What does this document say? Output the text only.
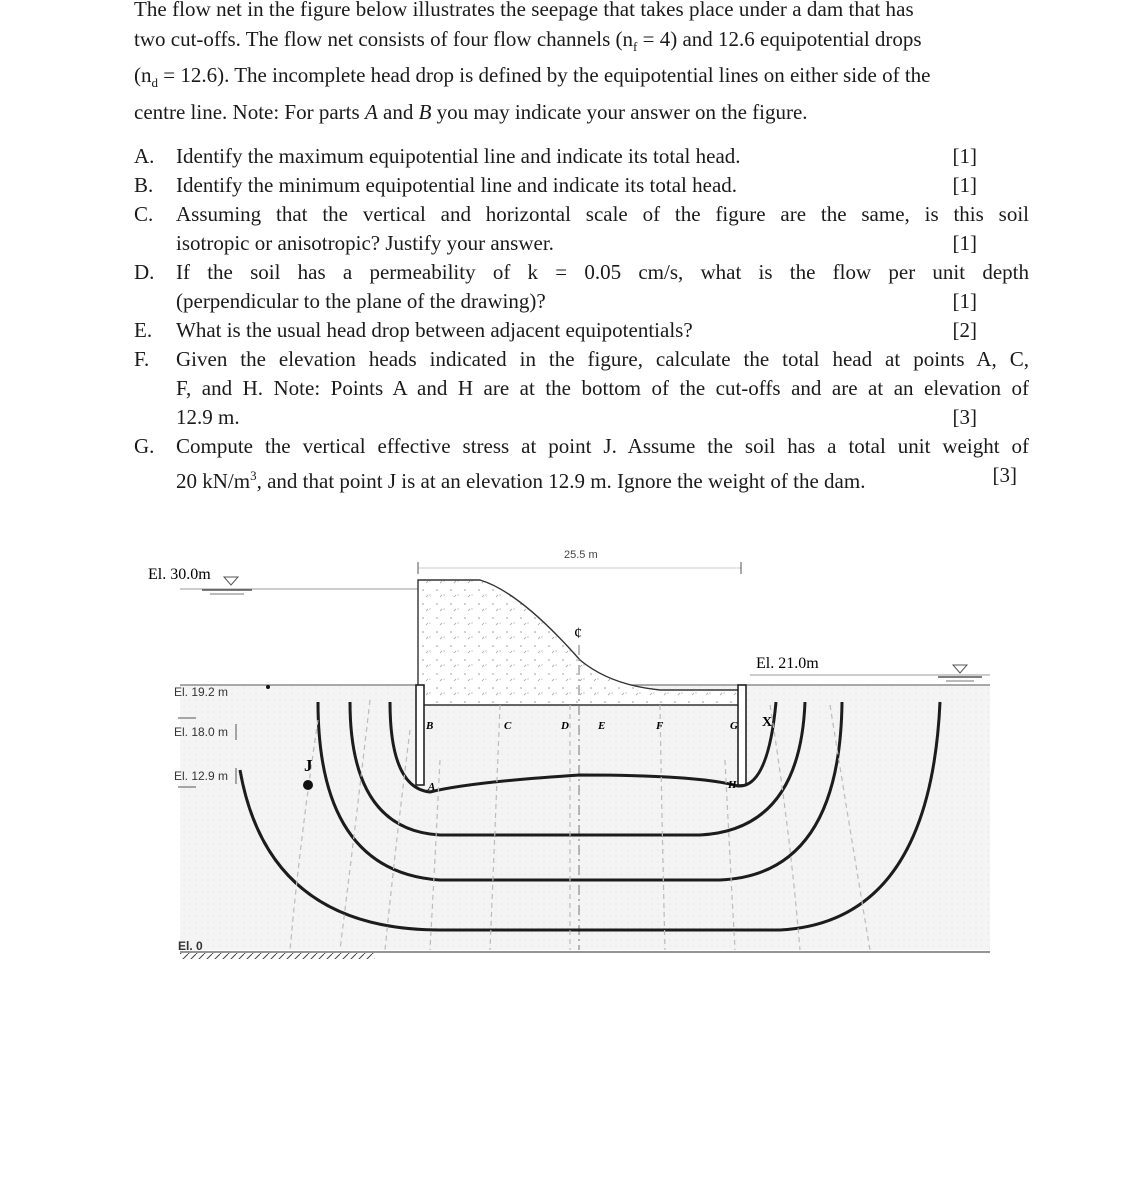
The flow net in the figure below illustrates the seepage that takes place under a dam that has
two cut-offs. The flow net consists of four flow channels $(n_f = 4)$ and 12.6 equipotential drops
$(n_d = 12.6)$. The incomplete head drop is defined by the equipotential lines on either side of the
centre line. Note: For parts A and B you may indicate your answer on the figure.
A.	Identify the maximum equipotential line and indicate its total head.	[1]
B.	Identify the minimum equipotential line and indicate its total head.	[1]
C.	Assuming that the vertical and horizontal scale of the figure are the same, is this soil
isotropic or anisotropic? Justify your answer.	[1]
D.	If the soil has a permeability of k = 0.05 cm/s, what is the flow per unit depth
(perpendicular to the plane of the drawing)?	[1]
E.	What is the usual head drop between adjacent equipotentials?	[2]
F.	Given the elevation heads indicated in the figure, calculate the total head at points A, C,
F, and H. Note: Points A and H are at the bottom of the cut-offs and are at an elevation of
12.9 m.	[3]
G.	Compute the vertical effective stress at point J. Assume the soil has a total unit weight of
20 $kN/m^3$, and that point J is at an elevation 12.9 m. Ignore the weight of the dam.	[3]
El. 30.0m
El. 21.0m
25.5 m
¢
El. 19.2 m
El. 18.0 m
El. 12.9 m
El. 0
J
A
B	C	D	E	F	G
H
X
